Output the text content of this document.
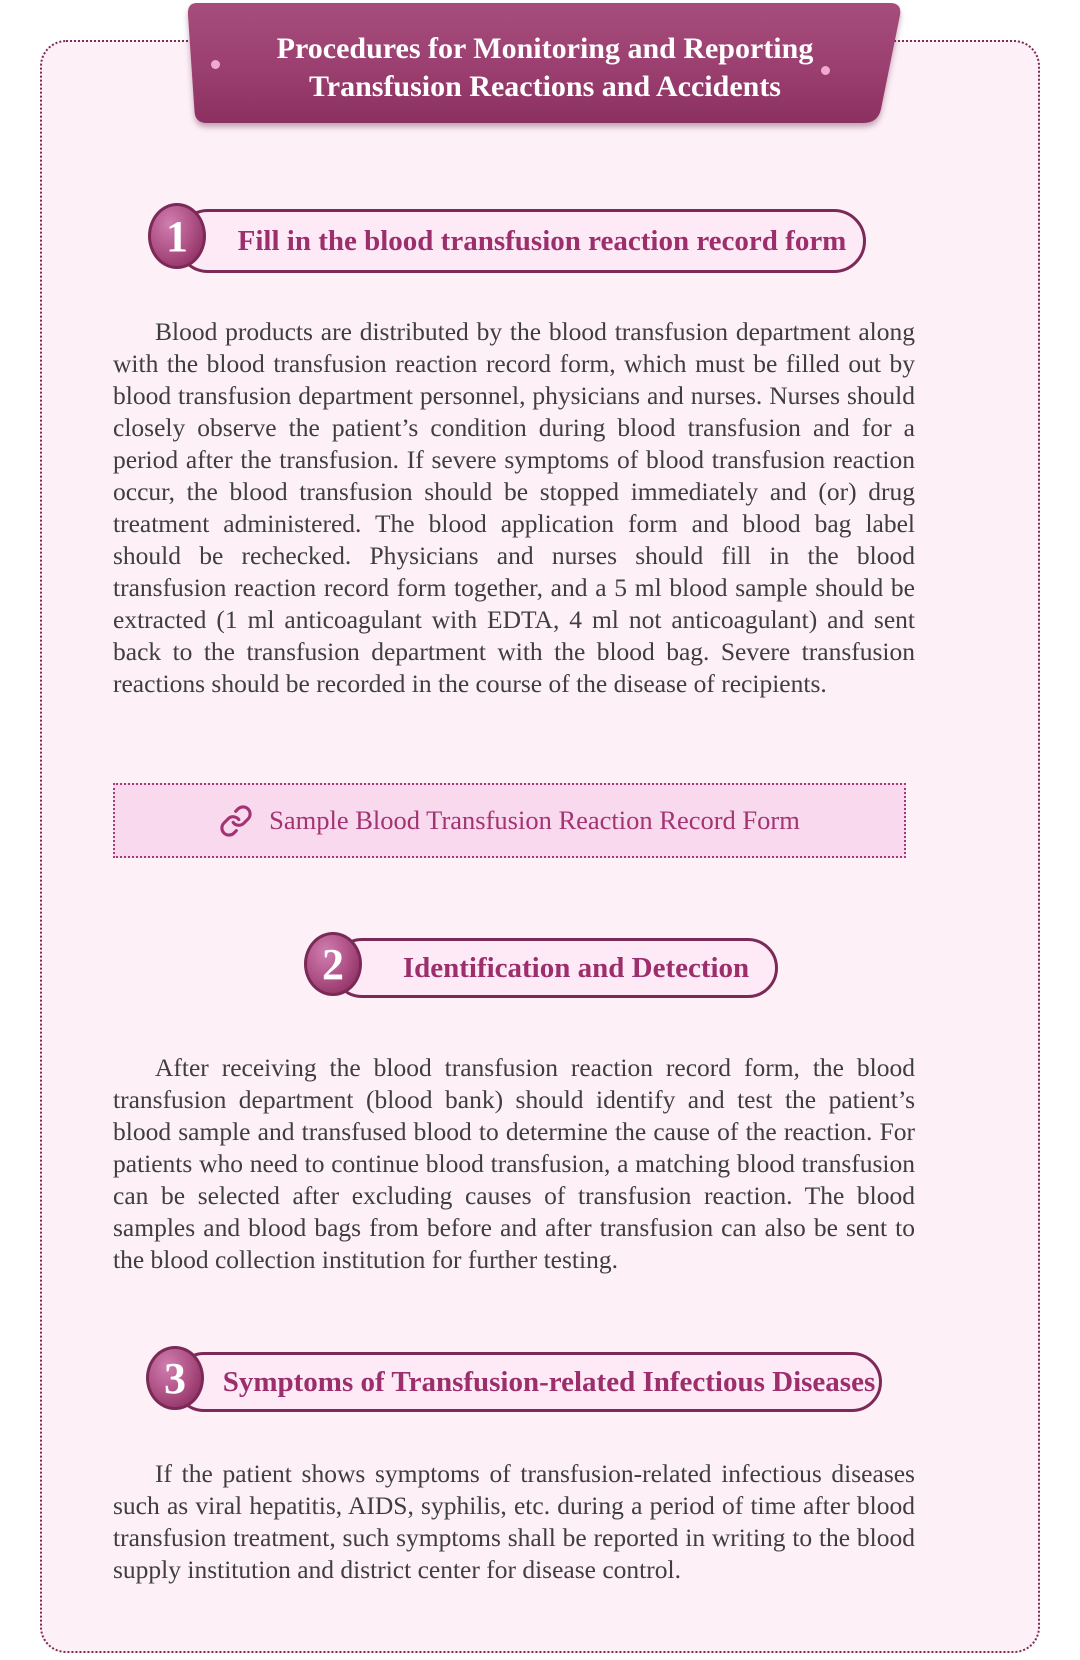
Procedures for Monitoring and Reporting
Transfusion Reactions and Accidents
Fill in the blood transfusion reaction record form
1
Blood products are distributed by the blood transfusion department along with the blood transfusion reaction record form, which must be filled out by blood transfusion department personnel, physicians and nurses. Nurses should closely observe the patient’s condition during blood transfusion and for a period after the transfusion. If severe symptoms of blood transfusion reaction occur, the blood transfusion should be stopped immediately and (or) drug treatment administered. The blood application form and blood bag label should be rechecked. Physicians and nurses should fill in the blood transfusion reaction record form together, and a 5 ml blood sample should be extracted (1 ml anticoagulant with EDTA, 4 ml not anticoagulant) and sent back to the transfusion department with the blood bag. Severe transfusion reactions should be recorded in the course of the disease of recipients.
Sample Blood Transfusion Reaction Record Form
Identification and Detection
2
After receiving the blood transfusion reaction record form, the blood transfusion department (blood bank) should identify and test the patient’s blood sample and transfused blood to determine the cause of the reaction. For patients who need to continue blood transfusion, a matching blood transfusion can be selected after excluding causes of transfusion reaction. The blood samples and blood bags from before and after transfusion can also be sent to the blood collection institution for further testing.
Symptoms of Transfusion-related Infectious Diseases
3
If the patient shows symptoms of transfusion-related infectious diseases such as viral hepatitis, AIDS, syphilis, etc. during a period of time after blood transfusion treatment, such symptoms shall be reported in writing to the blood supply institution and district center for disease control.
